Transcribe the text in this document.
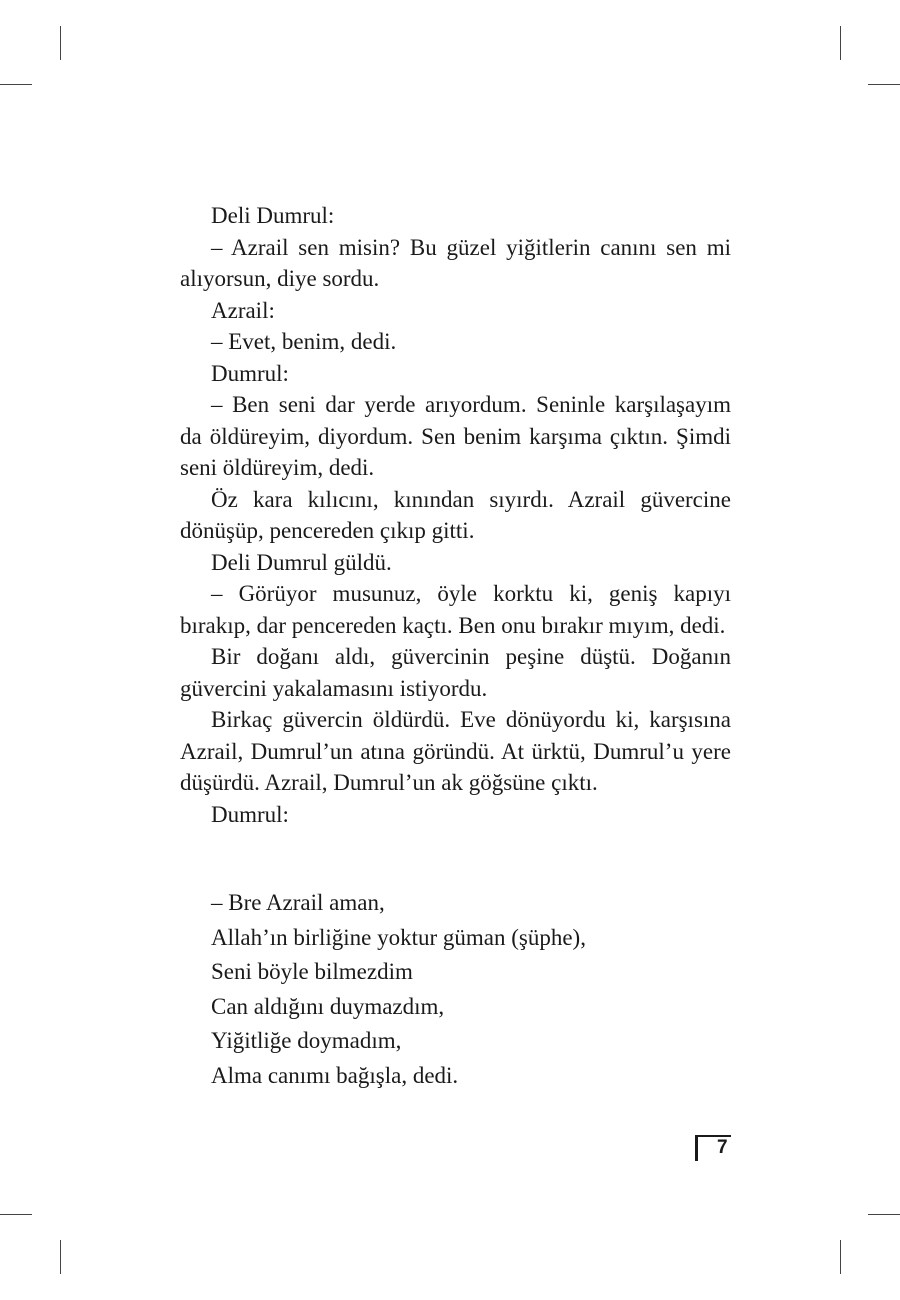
Deli Dumrul:

– Azrail sen misin? Bu güzel yiğitlerin canını sen mi alıyorsun, diye sordu.

Azrail:

– Evet, benim, dedi.

Dumrul:

– Ben seni dar yerde arıyordum. Seninle karşılaşayım da öldüreyim, diyordum. Sen benim karşıma çıktın. Şimdi seni öldüreyim, dedi.

Öz kara kılıcını, kınından sıyırdı. Azrail güvercine dönüşüp, pencereden çıkıp gitti.

Deli Dumrul güldü.

– Görüyor musunuz, öyle korktu ki, geniş kapıyı bırakıp, dar pencereden kaçtı. Ben onu bırakır mıyım, dedi.

Bir doğanı aldı, güvercinin peşine düştü. Doğanın güvercini yakalamasını istiyordu.

Birkaç güvercin öldürdü. Eve dönüyordu ki, karşısına Azrail, Dumrul’un atına göründü. At ürktü, Dumrul’u yere düşürdü. Azrail, Dumrul’un ak göğsüne çıktı.

Dumrul:

– Bre Azrail aman,
Allah’ın birliğine yoktur güman (şüphe),
Seni böyle bilmezdim
Can aldığını duymazdım,
Yiğitliğe doymadım,
Alma canımı bağışla, dedi.
7
